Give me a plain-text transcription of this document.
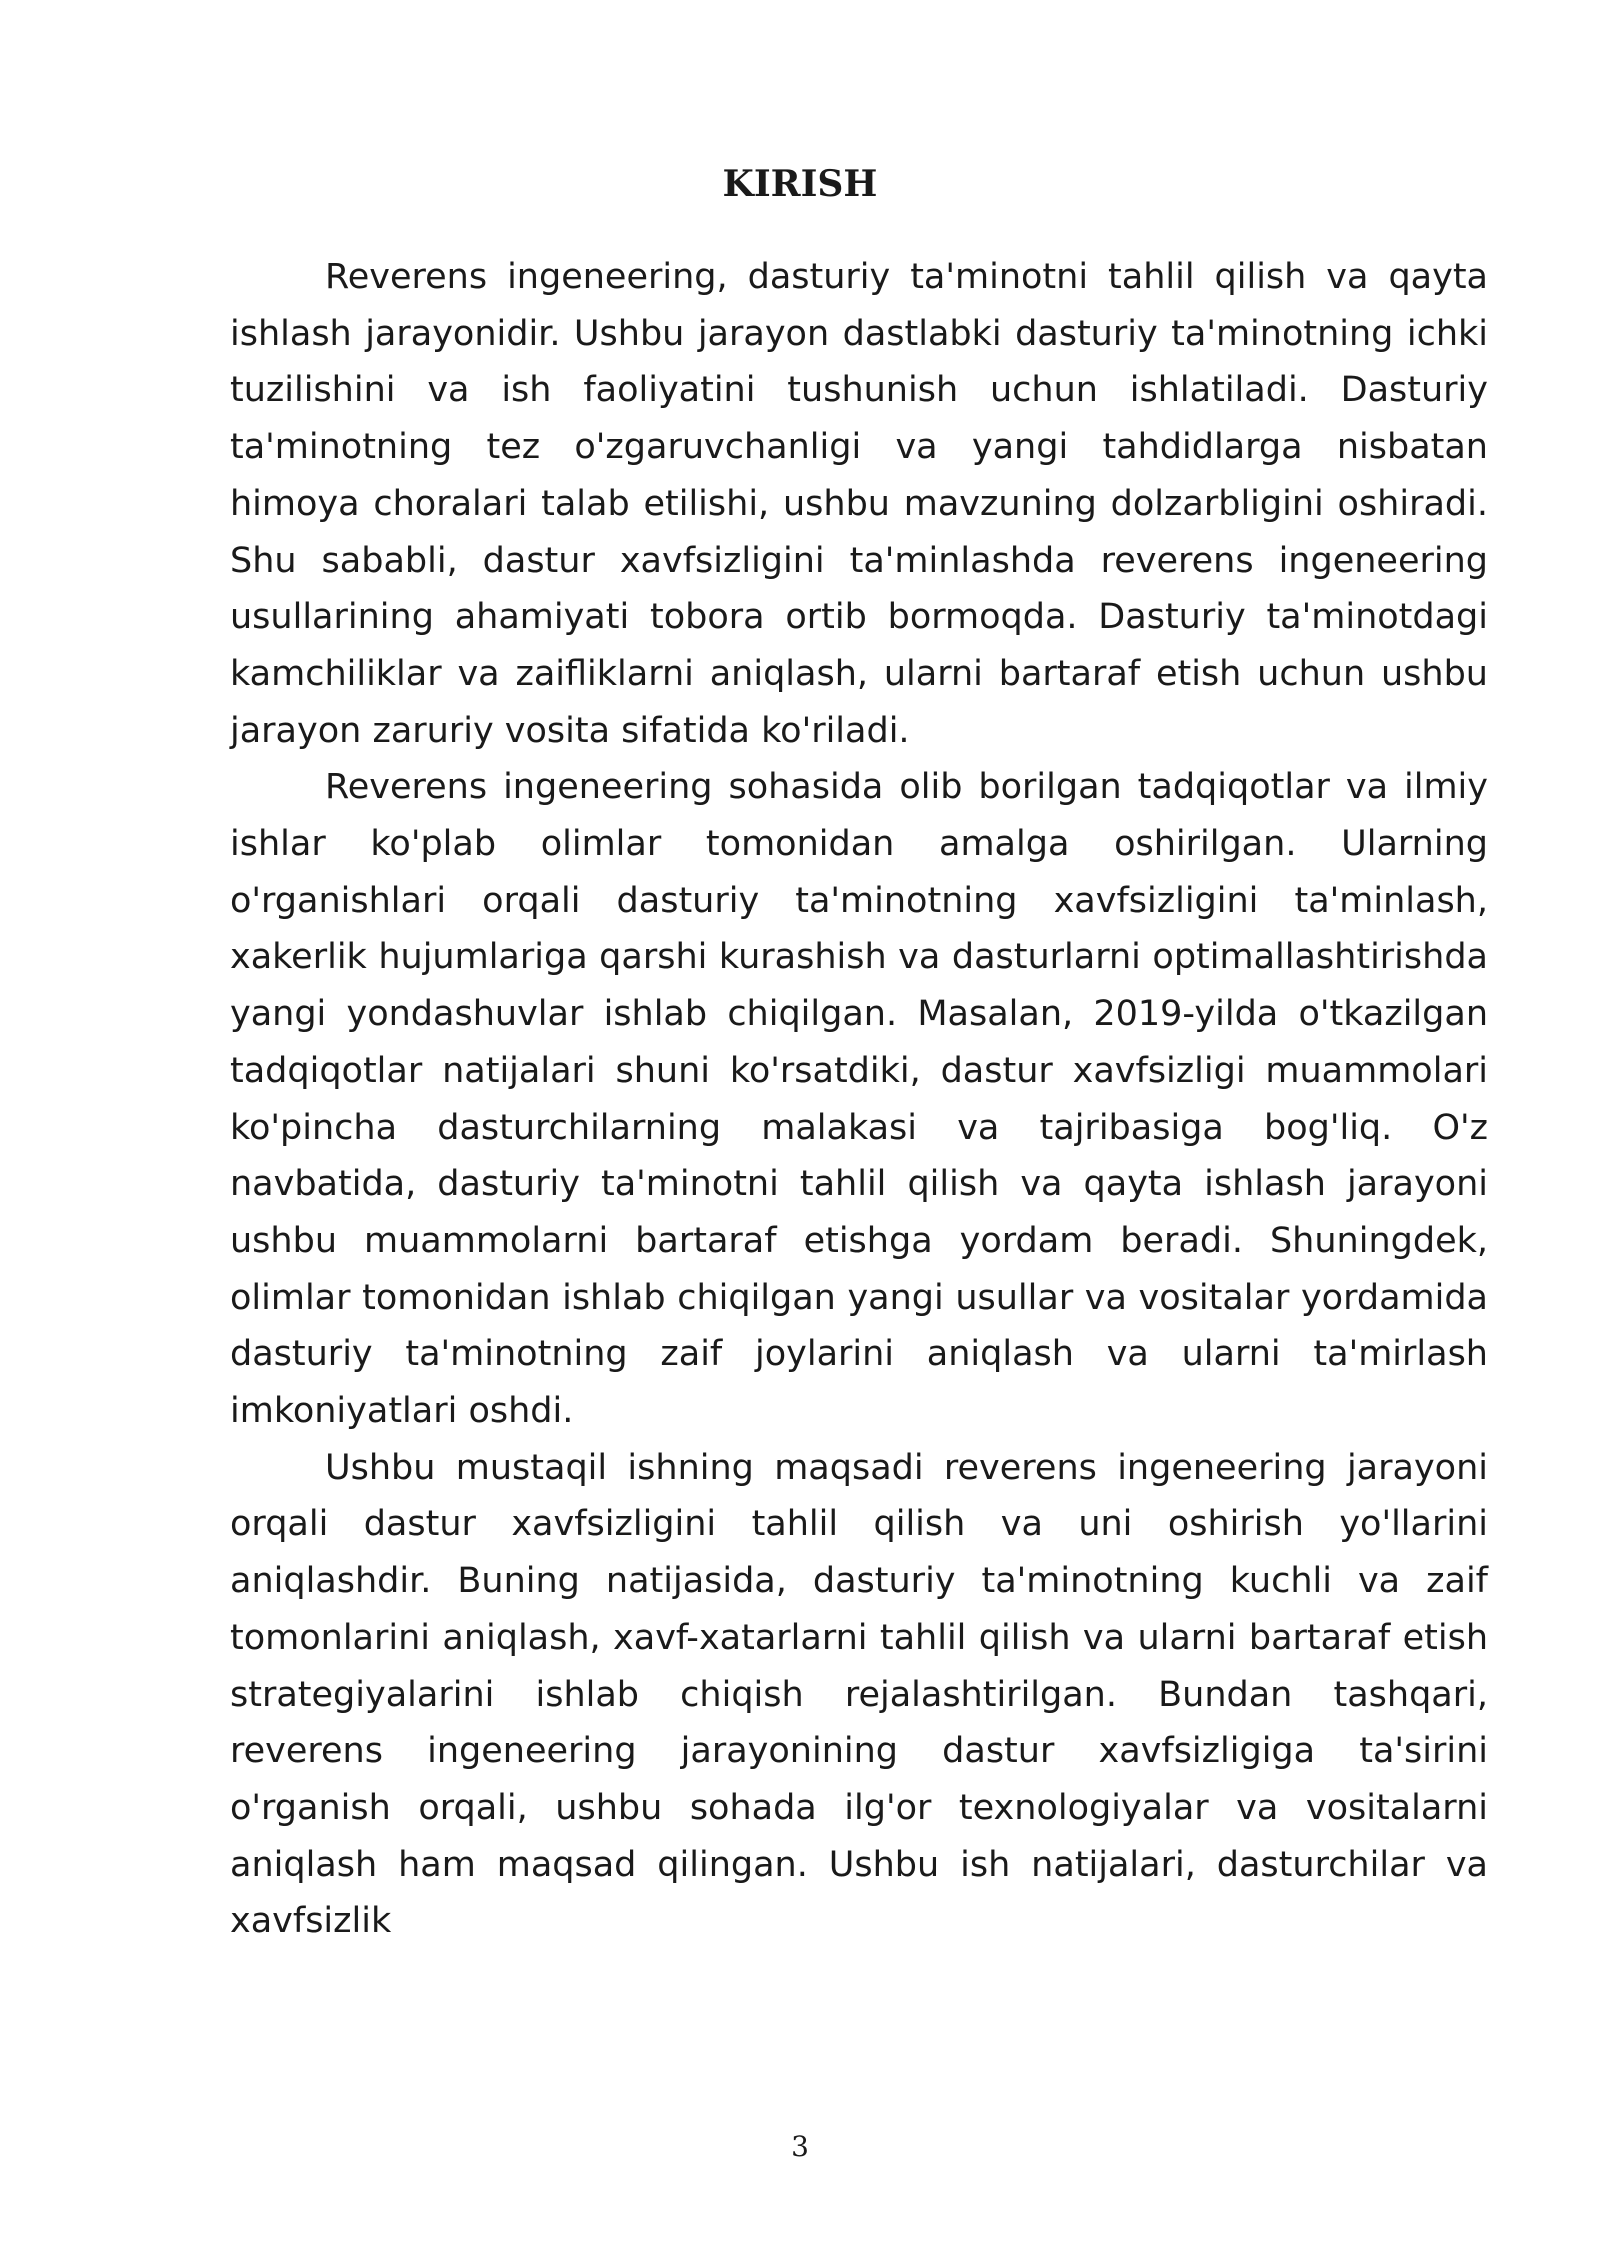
KIRISH

Reverens ingeneering, dasturiy ta'minotni tahlil qilish va qayta ishlash jarayonidir. Ushbu jarayon dastlabki dasturiy ta'minotning ichki tuzilishini va ish faoliyatini tushunish uchun ishlatiladi. Dasturiy ta'minotning tez o'zgaruvchanligi va yangi tahdidlarga nisbatan himoya choralari talab etilishi, ushbu mavzuning dolzarbligini oshiradi. Shu sababli, dastur xavfsizligini ta'minlashda reverens ingeneering usullarining ahamiyati tobora ortib bormoqda. Dasturiy ta'minotdagi kamchiliklar va zaifliklarni aniqlash, ularni bartaraf etish uchun ushbu jarayon zaruriy vosita sifatida ko'riladi.

Reverens ingeneering sohasida olib borilgan tadqiqotlar va ilmiy ishlar ko'plab olimlar tomonidan amalga oshirilgan. Ularning o'rganishlari orqali dasturiy ta'minotning xavfsizligini ta'minlash, xakerlik hujumlariga qarshi kurashish va dasturlarni optimallashtirishda yangi yondashuvlar ishlab chiqilgan. Masalan, 2019-yilda o'tkazilgan tadqiqotlar natijalari shuni ko'rsatdiki, dastur xavfsizligi muammolari ko'pincha dasturchilarning malakasi va tajribasiga bog'liq. O'z navbatida, dasturiy ta'minotni tahlil qilish va qayta ishlash jarayoni ushbu muammolarni bartaraf etishga yordam beradi. Shuningdek, olimlar tomonidan ishlab chiqilgan yangi usullar va vositalar yordamida dasturiy ta'minotning zaif joylarini aniqlash va ularni ta'mirlash imkoniyatlari oshdi.

Ushbu mustaqil ishning maqsadi reverens ingeneering jarayoni orqali dastur xavfsizligini tahlil qilish va uni oshirish yo'llarini aniqlashdir. Buning natijasida, dasturiy ta'minotning kuchli va zaif tomonlarini aniqlash, xavf-xatarlarni tahlil qilish va ularni bartaraf etish strategiyalarini ishlab chiqish rejalashtirilgan. Bundan tashqari, reverens ingeneering jarayonining dastur xavfsizligiga ta'sirini o'rganish orqali, ushbu sohada ilg'or texnologiyalar va vositalarni aniqlash ham maqsad qilingan. Ushbu ish natijalari, dasturchilar va xavfsizlik

3
